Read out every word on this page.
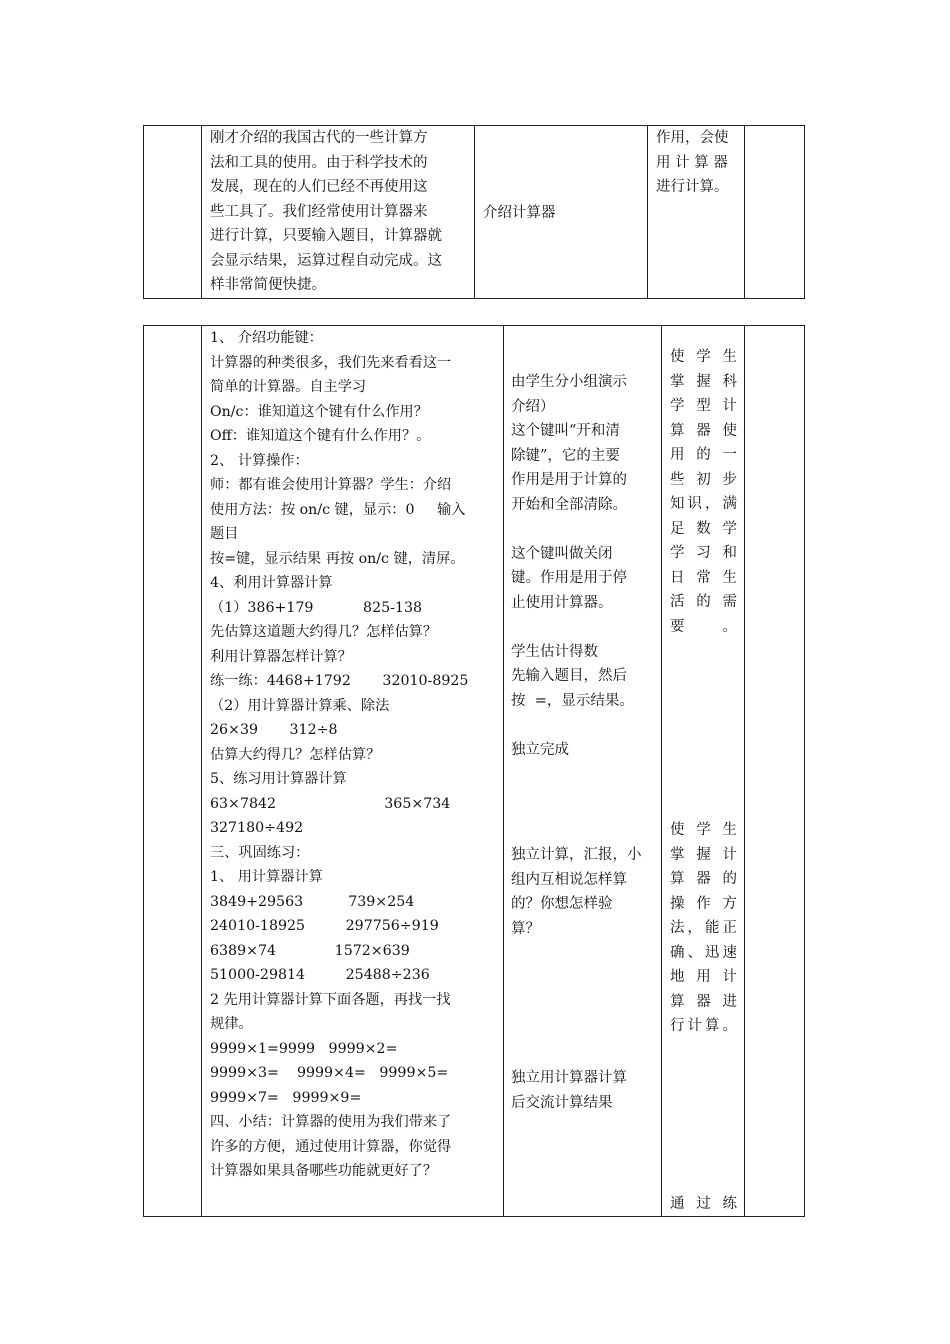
刚才介绍的我国古代的一些计算方
法和工具的使用。由于科学技术的
发展，现在的人们已经不再使用这
些工具了。我们经常使用计算器来
进行计算，只要输入题目，计算器就
会显示结果，运算过程自动完成。这
样非常简便快捷。
介绍计算器
作用，会使
用 计 算 器
进行计算。
1、 介绍功能键：
计算器的种类很多，我们先来看看这一
简单的计算器。自主学习
On/c：谁知道这个键有什么作用？
Off：谁知道这个键有什么作用？。
2、 计算操作：
师：都有谁会使用计算器？学生：介绍
使用方法：按 on/c 键，显示：0     输入
题目
按=键，显示结果 再按 on/c 键，清屏。
4、利用计算器计算
（1）386+179           825-138
先估算这道题大约得几？怎样估算？
利用计算器怎样计算？
练一练：4468+1792       32010-8925
（2）用计算器计算乘、除法
26×39       312÷8
估算大约得几？怎样估算？
5、练习用计算器计算
63×7842                        365×734
327180÷492
三、巩固练习：
1、 用计算器计算
3849+29563          739×254
24010-18925         297756÷919
6389×74             1572×639
51000-29814         25488÷236
2 先用计算器计算下面各题，再找一找
规律。
9999×1=9999   9999×2=
9999×3=    9999×4=   9999×5=
9999×7=   9999×9=
四、小结：计算器的使用为我们带来了
许多的方便，通过使用计算器，你觉得
计算器如果具备哪些功能就更好了？
由学生分小组演示
介绍）
这个键叫“开和清
除键”，它的主要
作用是用于计算的
开始和全部清除。
这个键叫做关闭
键。作用是用于停
止使用计算器。
学生估计得数
先输入题目，然后
按  =，显示结果。
独立完成
独立计算，汇报，小
组内互相说怎样算
的？你想怎样验
算？
独立用计算器计算
后交流计算结果
使学生
掌握科
学型计
算器使
用的一
些初步
知识，满
足数学
学习和
日常生
活的需
要。
使学生
掌握计
算器的
操作方
法，能正
确、迅速
地用计
算器进
行计算。
通过练
